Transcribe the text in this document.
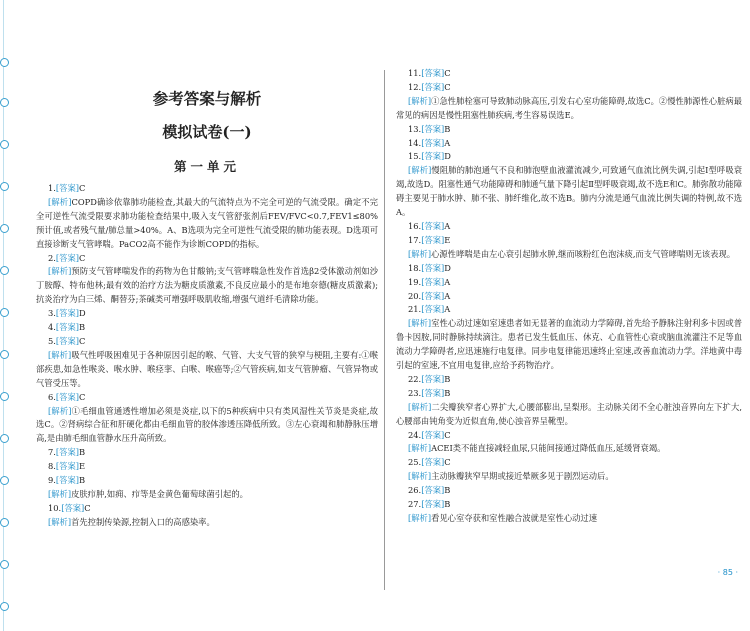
参考答案与解析
模拟试卷(一)
第一单元

1.[答案]C

[解析]COPD确诊依靠肺功能检查,其最大的气流特点为不完全可逆的气流受限。确定不完全可逆性气流受限要求肺功能检查结果中,吸入支气管舒张剂后FEV/FVC<0.7,FEV1≤80%预计值,或者残气量/肺总量>40%。A、B选项为完全可逆性气流受限的肺功能表现。D选项可直接诊断支气管哮喘。PaCO2高不能作为诊断COPD的指标。

2.[答案]C

[解析]预防支气管哮喘发作的药物为色甘酸钠;支气管哮喘急性发作首选β2受体激动剂如沙丁胺醇、特布他林;最有效的治疗方法为糖皮质激素,不良反应最小的是布地奈德(糖皮质激素);抗炎治疗为白三烯、酮替芬;茶碱类可增强呼吸肌收缩,增强气道纤毛清除功能。

3.[答案]D

4.[答案]B

5.[答案]C

[解析]吸气性呼吸困难见于各种原因引起的喉、气管、大支气管的狭窄与梗阻,主要有:①喉部疾患,如急性喉炎、喉水肿、喉痉挛、白喉、喉癌等;②气管疾病,如支气管肿瘤、气管异物或气管受压等。

6.[答案]C

[解析]①毛细血管通透性增加必须是炎症,以下的5种疾病中只有类风湿性关节炎是炎症,故选C。②肾病综合征和肝硬化都由毛细血管的胶体渗透压降低所致。③左心衰竭和肺静脉压增高,是由肺毛细血管静水压升高所致。

7.[答案]B

8.[答案]E

9.[答案]B

[解析]皮肤疖肿,如痈、疖等是金黄色葡萄球菌引起的。

10.[答案]C

[解析]首先控制传染源,控制入口的高感染率。

11.[答案]C

12.[答案]C

[解析]①急性肺栓塞可导致肺动脉高压,引发右心室功能障碍,故选C。②慢性肺源性心脏病最常见的病因是慢性阻塞性肺疾病,考生容易误选E。

13.[答案]B

14.[答案]A

15.[答案]D

[解析]慢阻肺的肺泡通气不良和肺泡壁血液灌流减少,可致通气血流比例失调,引起Ⅰ型呼吸衰竭,故选D。阻塞性通气功能障碍和肺通气量下降引起Ⅱ型呼吸衰竭,故不选E和C。肺弥散功能障碍主要见于肺水肿、肺不张、肺纤维化,故不选B。肺内分流是通气血流比例失调的特例,故不选A。

16.[答案]A

17.[答案]E

[解析]心源性哮喘是由左心衰引起肺水肿,继而咳粉红色泡沫痰,而支气管哮喘则无该表现。

18.[答案]D

19.[答案]A

20.[答案]A

21.[答案]A

[解析]室性心动过速如室速患者如无显著的血流动力学障碍,首先给予静脉注射利多卡因或普鲁卡因胺,同时静脉持续滴注。患者已发生低血压、休克、心血管性心衰或脑血流灌注不足等血流动力学障碍者,应迅速施行电复律。同步电复律能迅速终止室速,改善血流动力学。洋地黄中毒引起的室速,不宜用电复律,应给予药物治疗。

22.[答案]B

23.[答案]B

[解析]二尖瓣狭窄者心界扩大,心腰部膨出,呈梨形。主动脉关闭不全心脏浊音界向左下扩大,心腰部由钝角变为近似直角,使心浊音界呈靴型。

24.[答案]C

[解析]ACEI类不能直接减轻血尿,只能间接通过降低血压,延缓肾衰竭。

25.[答案]C

[解析]主动脉瓣狭窄早期或接近晕厥多见于剧烈运动后。

26.[答案]B

27.[答案]B

[解析]看见心室夺获和室性融合波就是室性心动过速

· 85 ·
